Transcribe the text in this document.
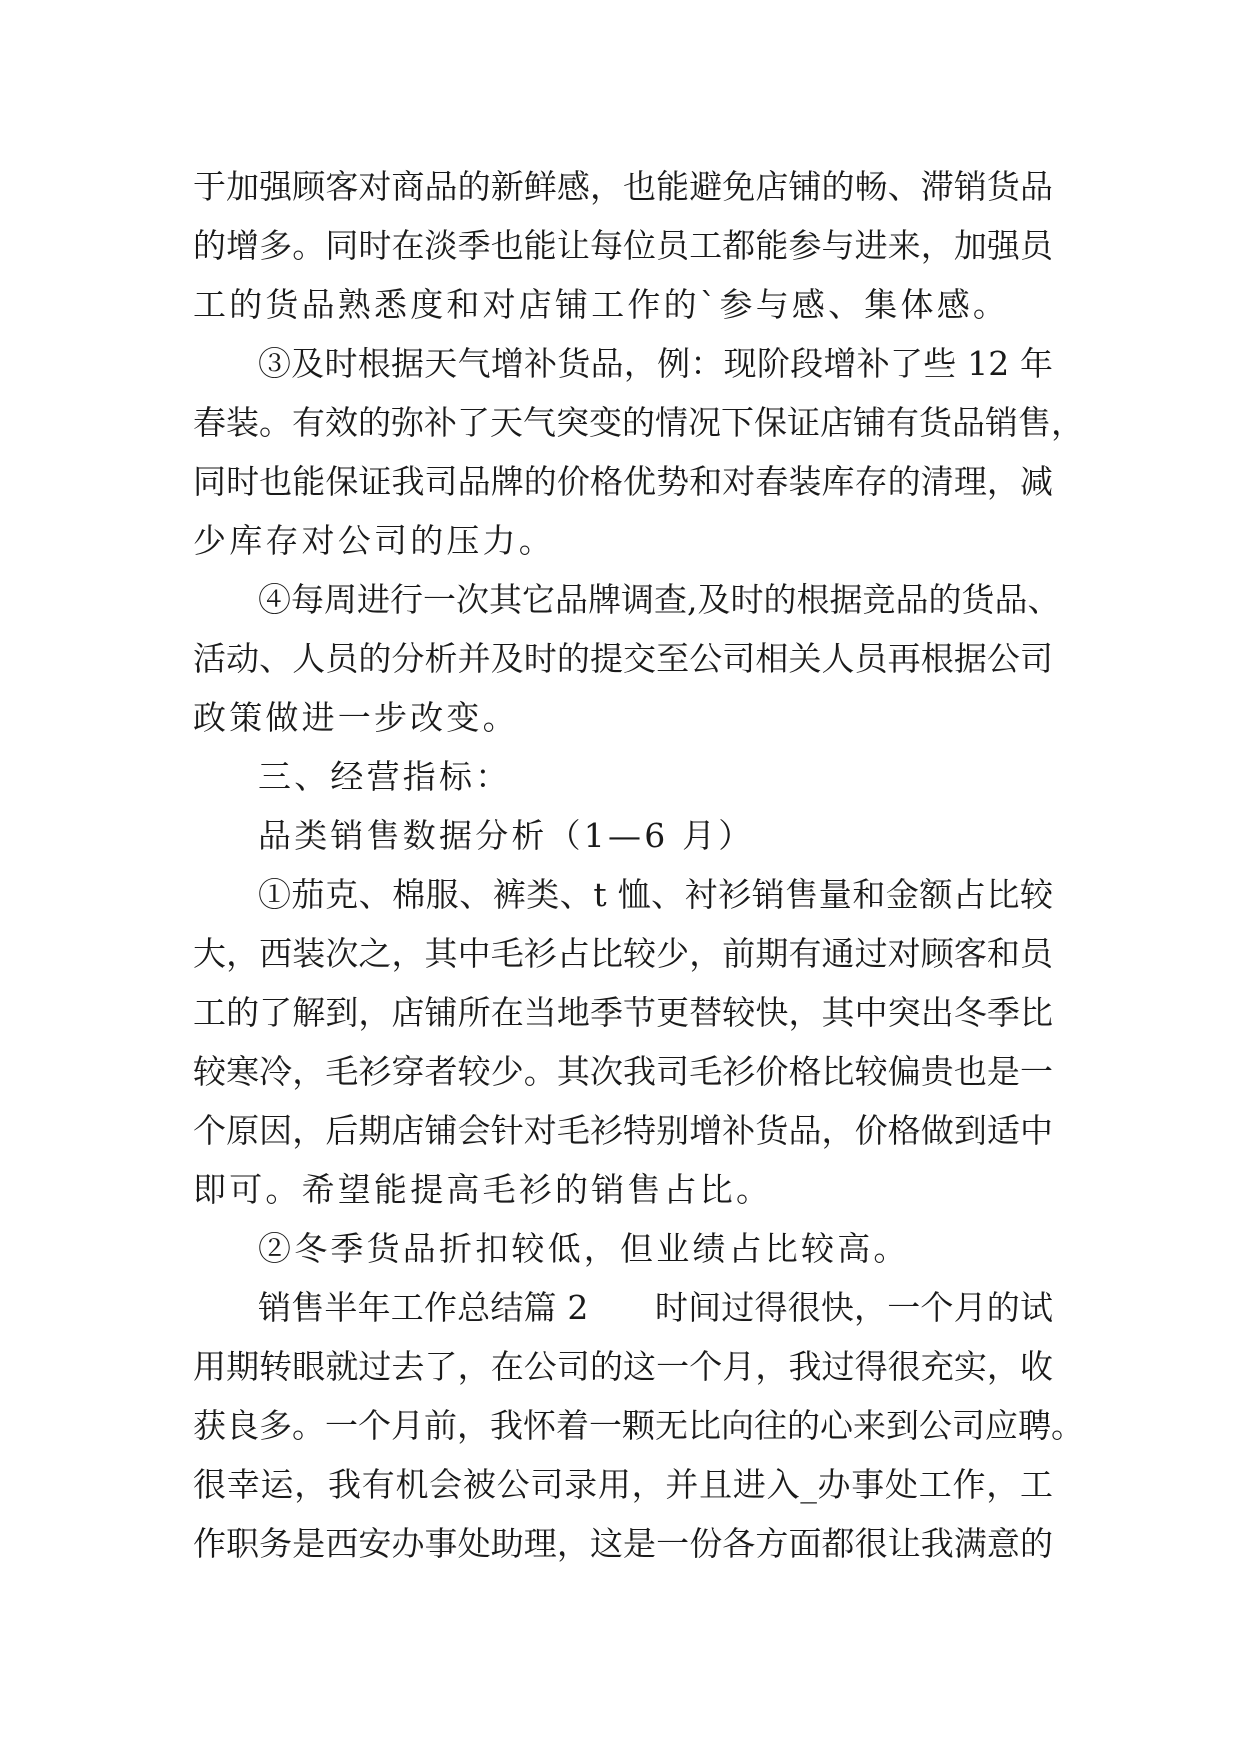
于加强顾客对商品的新鲜感，也能避免店铺的畅、滞销货品
的增多。同时在淡季也能让每位员工都能参与进来，加强员
工的货品熟悉度和对店铺工作的`参与感、集体感。
③及时根据天气增补货品，例：现阶段增补了些 12 年
春装。有效的弥补了天气突变的情况下保证店铺有货品销售，
同时也能保证我司品牌的价格优势和对春装库存的清理，减
少库存对公司的压力。
④每周进行一次其它品牌调查,及时的根据竞品的货品、
活动、人员的分析并及时的提交至公司相关人员再根据公司
政策做进一步改变。
三、经营指标：
品类销售数据分析（1—6 月）
①茄克、棉服、裤类、t 恤、衬衫销售量和金额占比较
大，西装次之，其中毛衫占比较少，前期有通过对顾客和员
工的了解到，店铺所在当地季节更替较快，其中突出冬季比
较寒冷，毛衫穿者较少。其次我司毛衫价格比较偏贵也是一
个原因，后期店铺会针对毛衫特别增补货品，价格做到适中
即可。希望能提高毛衫的销售占比。
②冬季货品折扣较低，但业绩占比较高。
销售半年工作总结篇 2　　时间过得很快，一个月的试
用期转眼就过去了，在公司的这一个月，我过得很充实，收
获良多。一个月前，我怀着一颗无比向往的心来到公司应聘。
很幸运，我有机会被公司录用，并且进入_办事处工作，工
作职务是西安办事处助理，这是一份各方面都很让我满意的
